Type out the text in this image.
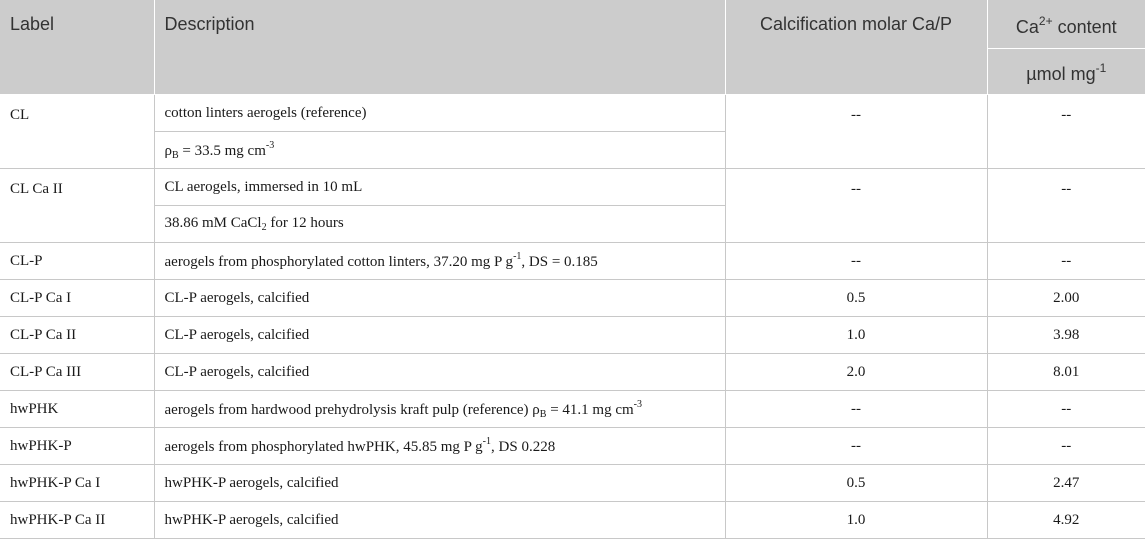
Label	Description	Calcification molar Ca/P	$Ca^{2+}$ content
			µmol $mg^{-1}$
CL	cotton linters aerogels (reference)	--	--
	$\rho_B = 33.5$ mg $cm^{-3}$
CL Ca II	CL aerogels, immersed in 10 mL	--	--
	38.86 mM CaCl$_2$ for 12 hours		
CL-P	aerogels from phosphorylated cotton linters, 37.20 mg P $g^{-1}$, DS = 0.185	--	--
CL-P Ca I	CL-P aerogels, calcified	0.5	2.00
CL-P Ca II	CL-P aerogels, calcified	1.0	3.98
CL-P Ca III	CL-P aerogels, calcified	2.0	8.01
hwPHK	aerogels from hardwood prehydrolysis kraft pulp (reference) $\rho_B = 41.1$ mg $cm^{-3}$	--	--
hwPHK-P	aerogels from phosphorylated hwPHK, 45.85 mg P $g^{-1}$, DS 0.228	--	--
hwPHK-P Ca I	hwPHK-P aerogels, calcified	0.5	2.47
hwPHK-P Ca II	hwPHK-P aerogels, calcified	1.0	4.92
